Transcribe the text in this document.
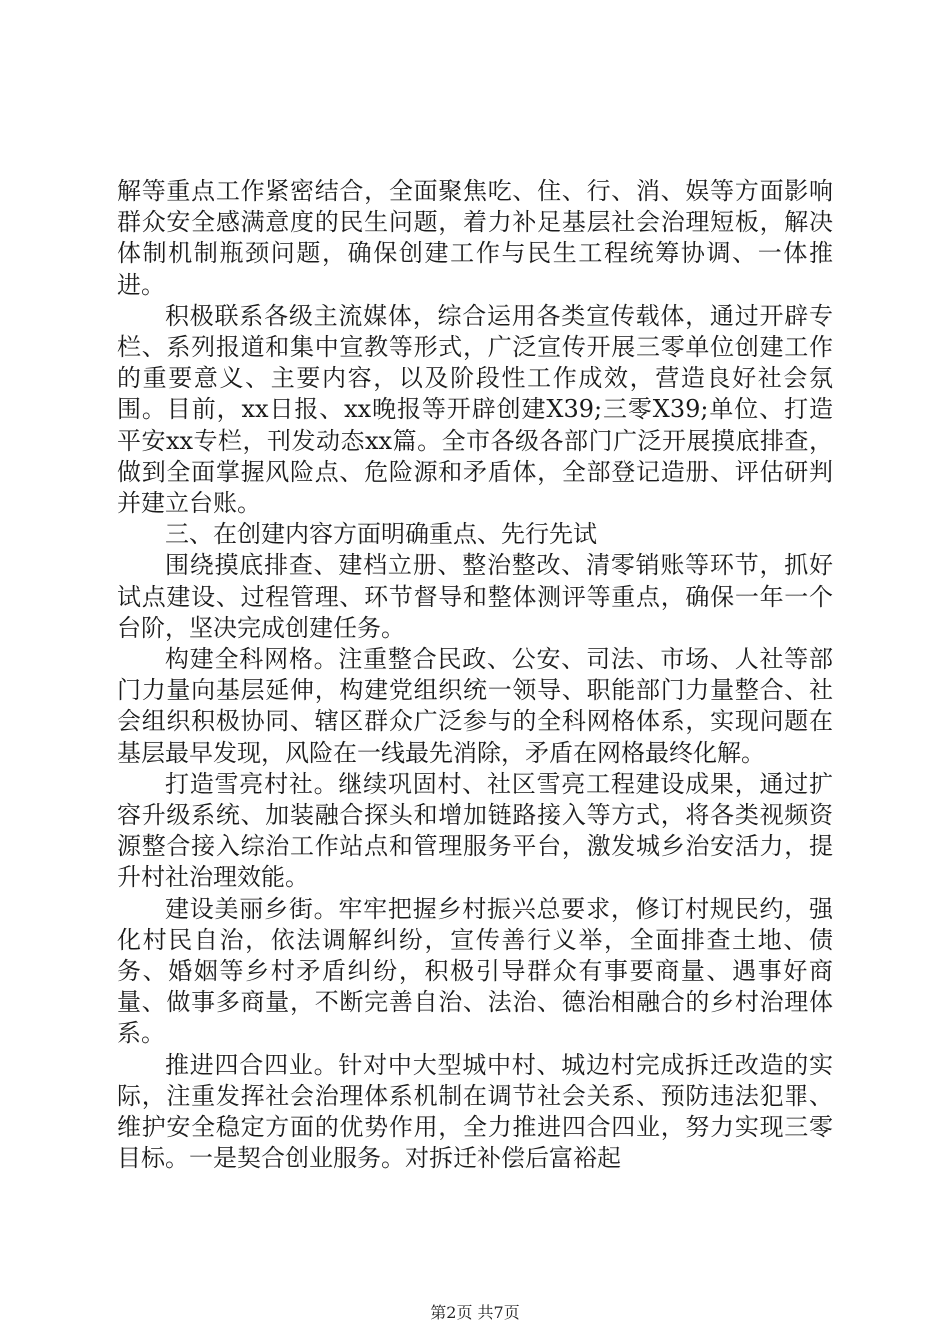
解等重点工作紧密结合，全面聚焦吃、住、行、消、娱等方面影响群众安全感满意度的民生问题，着力补足基层社会治理短板，解决体制机制瓶颈问题，确保创建工作与民生工程统筹协调、一体推进。

积极联系各级主流媒体，综合运用各类宣传载体，通过开辟专栏、系列报道和集中宣教等形式，广泛宣传开展三零单位创建工作的重要意义、主要内容，以及阶段性工作成效，营造良好社会氛围。目前，xx日报、xx晚报等开辟创建X39;三零X39;单位、打造平安xx专栏，刊发动态xx篇。全市各级各部门广泛开展摸底排查，做到全面掌握风险点、危险源和矛盾体，全部登记造册、评估研判并建立台账。

三、在创建内容方面明确重点、先行先试

围绕摸底排查、建档立册、整治整改、清零销账等环节，抓好试点建设、过程管理、环节督导和整体测评等重点，确保一年一个台阶，坚决完成创建任务。

构建全科网格。注重整合民政、公安、司法、市场、人社等部门力量向基层延伸，构建党组织统一领导、职能部门力量整合、社会组织积极协同、辖区群众广泛参与的全科网格体系，实现问题在基层最早发现，风险在一线最先消除，矛盾在网格最终化解。

打造雪亮村社。继续巩固村、社区雪亮工程建设成果，通过扩容升级系统、加装融合探头和增加链路接入等方式，将各类视频资源整合接入综治工作站点和管理服务平台，激发城乡治安活力，提升村社治理效能。

建设美丽乡街。牢牢把握乡村振兴总要求，修订村规民约，强化村民自治，依法调解纠纷，宣传善行义举，全面排查土地、债务、婚姻等乡村矛盾纠纷，积极引导群众有事要商量、遇事好商量、做事多商量，不断完善自治、法治、德治相融合的乡村治理体系。

推进四合四业。针对中大型城中村、城边村完成拆迁改造的实际，注重发挥社会治理体系机制在调节社会关系、预防违法犯罪、维护安全稳定方面的优势作用，全力推进四合四业，努力实现三零目标。一是契合创业服务。对拆迁补偿后富裕起

第2页 共7页
